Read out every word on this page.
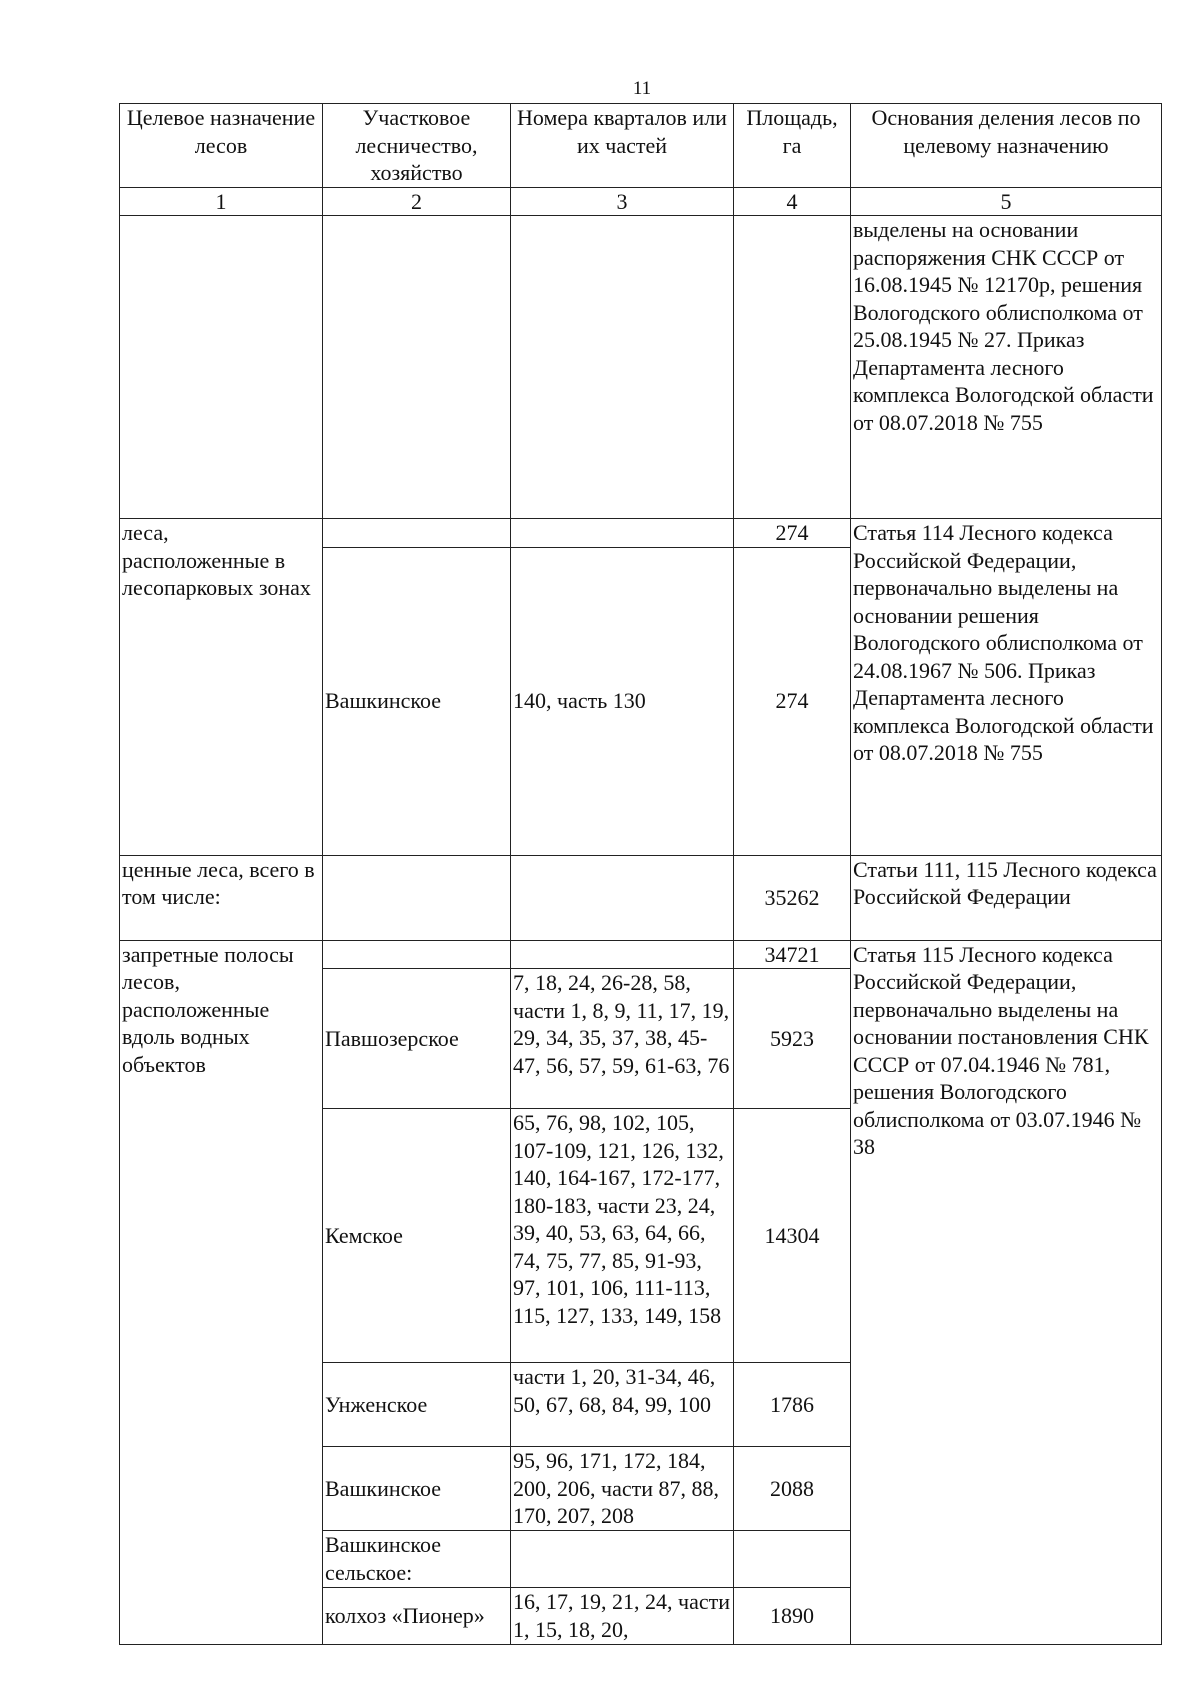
11
Целевое назначение лесов	Участковое лесничество, хозяйство	Номера кварталов или их частей	Площадь, га	Основания деления лесов по целевому назначению
1	2	3	4	5
				выделены на основании распоряжения СНК СССР от 16.08.1945 № 12170р, решения Вологодского облисполкома от 25.08.1945 № 27. Приказ Департамента лесного комплекса Вологодской области от 08.07.2018 № 755
леса, расположенные в лесопарковых зонах			274	Статья 114 Лесного кодекса Российской Федерации, первоначально выделены на основании решения Вологодского облисполкома от 24.08.1967 № 506. Приказ Департамента лесного комплекса Вологодской области от 08.07.2018 № 755
	Вашкинское	140, часть 130	274	
ценные леса, всего в том числе:			35262	Статьи 111, 115 Лесного кодекса Российской Федерации
запретные полосы лесов, расположенные вдоль водных объектов			34721	Статья 115 Лесного кодекса Российской Федерации, первоначально выделены на основании постановления СНК СССР от 07.04.1946 № 781, решения Вологодского облисполкома от 03.07.1946 № 38
	Павшозерское	7, 18, 24, 26-28, 58, части 1, 8, 9, 11, 17, 19, 29, 34, 35, 37, 38, 45-47, 56, 57, 59, 61-63, 76	5923	
	Кемское	65, 76, 98, 102, 105, 107-109, 121, 126, 132, 140, 164-167, 172-177, 180-183, части 23, 24, 39, 40, 53, 63, 64, 66, 74, 75, 77, 85, 91-93, 97, 101, 106, 111-113, 115, 127, 133, 149, 158	14304	
	Унженское	части 1, 20, 31-34, 46, 50, 67, 68, 84, 99, 100	1786	
	Вашкинское	95, 96, 171, 172, 184, 200, 206, части 87, 88, 170, 207, 208	2088	
	Вашкинское сельское:			
	колхоз «Пионер»	16, 17, 19, 21, 24, части 1, 15, 18, 20,	1890	
